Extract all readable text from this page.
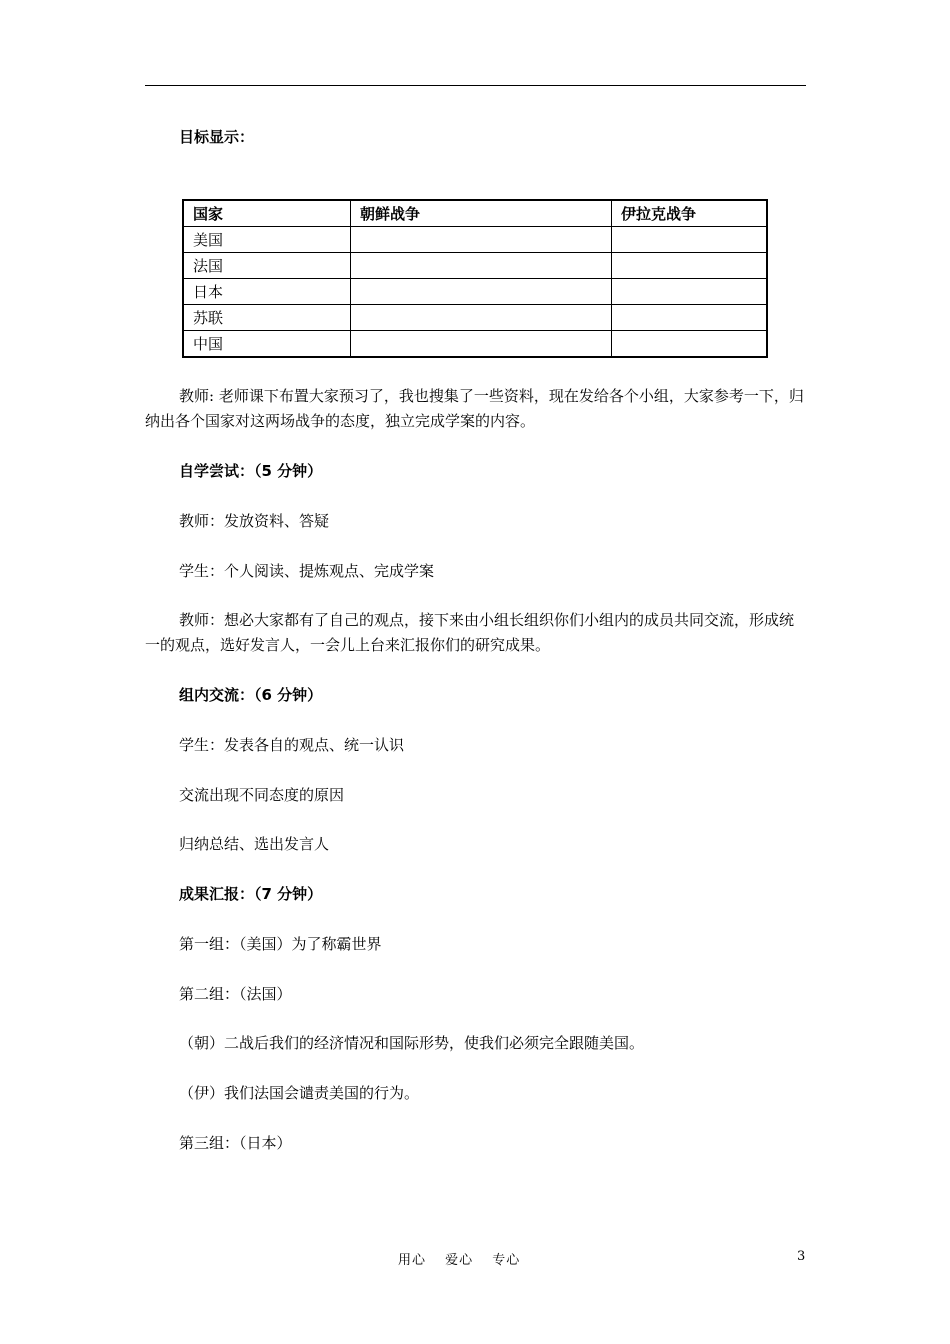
目标显示：
国家	朝鲜战争	伊拉克战争
美国		
法国		
日本		
苏联		
中国		
教师: 老师课下布置大家预习了，我也搜集了一些资料，现在发给各个小组，大家参考一下，归纳出各个国家对这两场战争的态度，独立完成学案的内容。
自学尝试：（5 分钟）
教师：发放资料、答疑
学生：个人阅读、提炼观点、完成学案
教师：想必大家都有了自己的观点，接下来由小组长组织你们小组内的成员共同交流，形成统一的观点，选好发言人，一会儿上台来汇报你们的研究成果。
组内交流：（6 分钟）
学生：发表各自的观点、统一认识
交流出现不同态度的原因
归纳总结、选出发言人
成果汇报：（7 分钟）
第一组：（美国）为了称霸世界
第二组：（法国）
（朝）二战后我们的经济情况和国际形势，使我们必须完全跟随美国。
（伊）我们法国会谴责美国的行为。
第三组：（日本）
用心 爱心 专心	3
